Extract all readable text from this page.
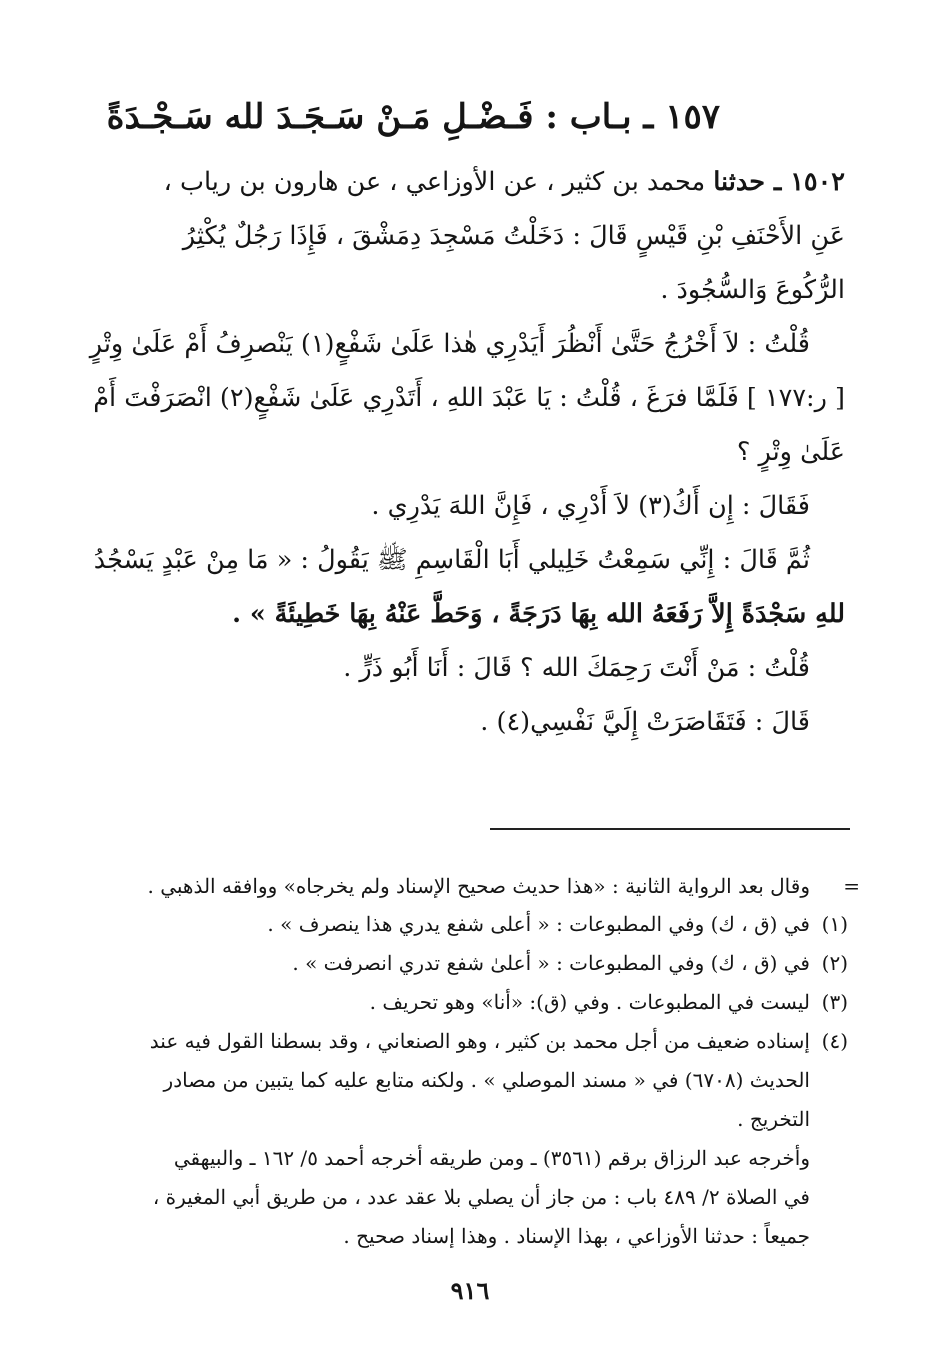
١٥٧ ـ بـاب : فَـضْـلِ مَـنْ سَـجَـدَ لله سَـجْـدَةً
١٥٠٢ ـ حدثنا محمد بن كثير ، عن الأوزاعي ، عن هارون بن رياب ،
عَنِ الأَحْنَفِ بْنِ قَيْسٍ قَالَ : دَخَلْتُ مَسْجِدَ دِمَشْقَ ، فَإِذَا رَجُلٌ يُكْثِرُ
الرُّكُوعَ وَالسُّجُودَ .
قُلْتُ : لاَ أَخْرُجُ حَتَّىٰ أَنْظُرَ أَيَدْرِي هٰذا عَلَىٰ شَفْعٍ(١) يَنْصرِفُ أَمْ عَلَىٰ وِتْرٍ
[ ر:١٧٧ ] فَلَمَّا فرَغَ ، قُلْتُ : يَا عَبْدَ اللهِ ، أَتَدْرِي عَلَىٰ شَفْعٍ(٢) انْصَرَفْتَ أَمْ
عَلَىٰ وِتْرٍ ؟
فَقَالَ : إِن أَكُ(٣) لاَ أَدْرِي ، فَإِنَّ اللهَ يَدْرِي .
ثُمَّ قَالَ : إِنِّي سَمِعْتُ خَلِيلي أَبَا الْقَاسِمِ ﷺ يَقُولُ : « مَا مِنْ عَبْدٍ يَسْجُدُ
للهِ سَجْدَةً إِلاَّ رَفَعَهُ الله بِهَا دَرَجَةً ، وَحَطَّ عَنْهُ بِهَا خَطِيئَةً » .
قُلْتُ : مَنْ أَنْتَ رَحِمَكَ الله ؟ قَالَ : أَنَا أَبُو ذَرٍّ .
قَالَ : فَتَقَاصَرَتْ إِلَيَّ نَفْسِي(٤) .
=
وقال بعد الرواية الثانية : «هذا حديث صحيح الإسناد ولم يخرجاه» ووافقه الذهبي .
(١)
في (ق ، ك) وفي المطبوعات : « أعلى شفع يدري هذا ينصرف » .
(٢)
في (ق ، ك) وفي المطبوعات : « أعلىٰ شفع تدري انصرفت » .
(٣)
ليست في المطبوعات . وفي (ق): «أنا» وهو تحريف .
(٤)
إسناده ضعيف من أجل محمد بن كثير ، وهو الصنعاني ، وقد بسطنا القول فيه عند
الحديث (٦٧٠٨) في « مسند الموصلي » . ولكنه متابع عليه كما يتبين من مصادر
التخريج .
وأخرجه عبد الرزاق برقم (٣٥٦١) ـ ومن طريقه أخرجه أحمد ٥/ ١٦٢ ـ والبيهقي
في الصلاة ٢/ ٤٨٩ باب : من جاز أن يصلي بلا عقد عدد ، من طريق أبي المغيرة ،
جميعاً : حدثنا الأوزاعي ، بهذا الإسناد . وهذا إسناد صحيح .
٩١٦
